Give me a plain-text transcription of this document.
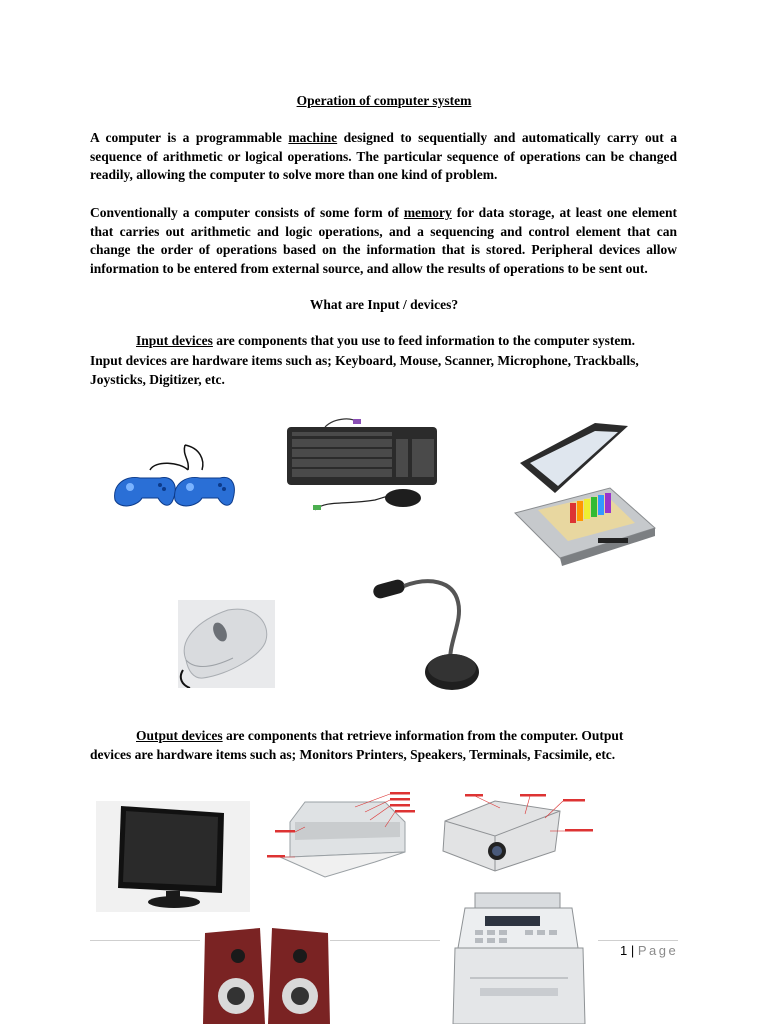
Operation of computer system
A computer is a programmable machine designed to sequentially and automatically carry out a sequence of arithmetic or logical operations. The particular sequence of operations can be changed readily, allowing the computer to solve more than one kind of problem.
Conventionally a computer consists of some form of memory for data storage, at least one element that carries out arithmetic and logic operations, and a sequencing and control element that can change the order of operations based on the information that is stored. Peripheral devices allow information to be entered from external source, and allow the results of operations to be sent out.
What are Input / devices?
Input devices are components that you use to feed information to the computer system.
Input devices are hardware items such as; Keyboard, Mouse, Scanner, Microphone, Trackballs,
Joysticks, Digitizer, etc.
Output devices are components that retrieve information from the computer. Output
devices are hardware items such as; Monitors Printers, Speakers, Terminals, Facsimile, etc.
1 | Page
